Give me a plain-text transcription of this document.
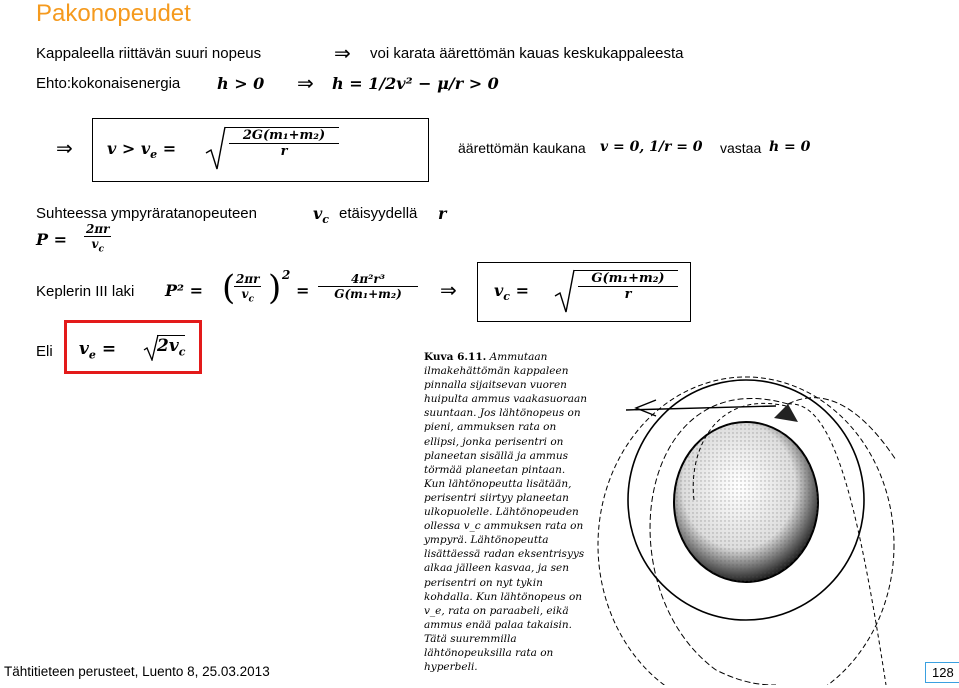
Pakonopeudet
Kappaleella riittävän suuri nopeus	⇒ voi karata äärettömän kauas keskukappaleesta
Ehto:kokonaisenergia h > 0 ⇒ h = 1/2v² − μ/r > 0
⇒ $v > v_e$ =	$\frac{\text{2G(m₁+m₂)}}{r}$	äärettömän kaukana v = 0, 1/r = 0 vastaa h = 0
Suhteessa ympyräratanopeuteen	$v_c$ etäisyydellä r
$P = \frac{2\pi r}{v_c}$
Keplerin III laki P² = (
$\frac{2\pi r}{v_c}$ ) 2
= $\frac{\text{4π²r³}}{\text{G(m₁+m₂)}}$ ⇒ $v_c$ =	$\frac{\text{G(m₁+m₂)}}{r}$
Eli $v_e = 2v_c$	Kuva 6.11. Ammutaan ilmakehättömän kappaleen pinnalla sijaitsevan vuoren huipulta ammus vaakasuoraan suuntaan. Jos lähtönopeus on pieni, ammuksen rata on ellipsi, jonka perisentri on planeetan sisällä ja ammus törmää planeetan pintaan. Kun lähtönopeutta lisätään, perisentri siirtyy planeetan ulkopuolelle. Lähtönopeuden ollessa v_c ammuksen rata on ympyrä. Lähtönopeutta lisättäessä radan eksentrisyys alkaa jälleen kasvaa, ja sen perisentri on nyt tykin kohdalla. Kun lähtönopeus on v_e, rata on paraabeli, eikä ammus enää palaa takaisin. Tätä suuremmilla lähtönopeuksilla rata on hyperbeli.
Tähtitieteen perusteet, Luento 8, 25.03.2013	128
